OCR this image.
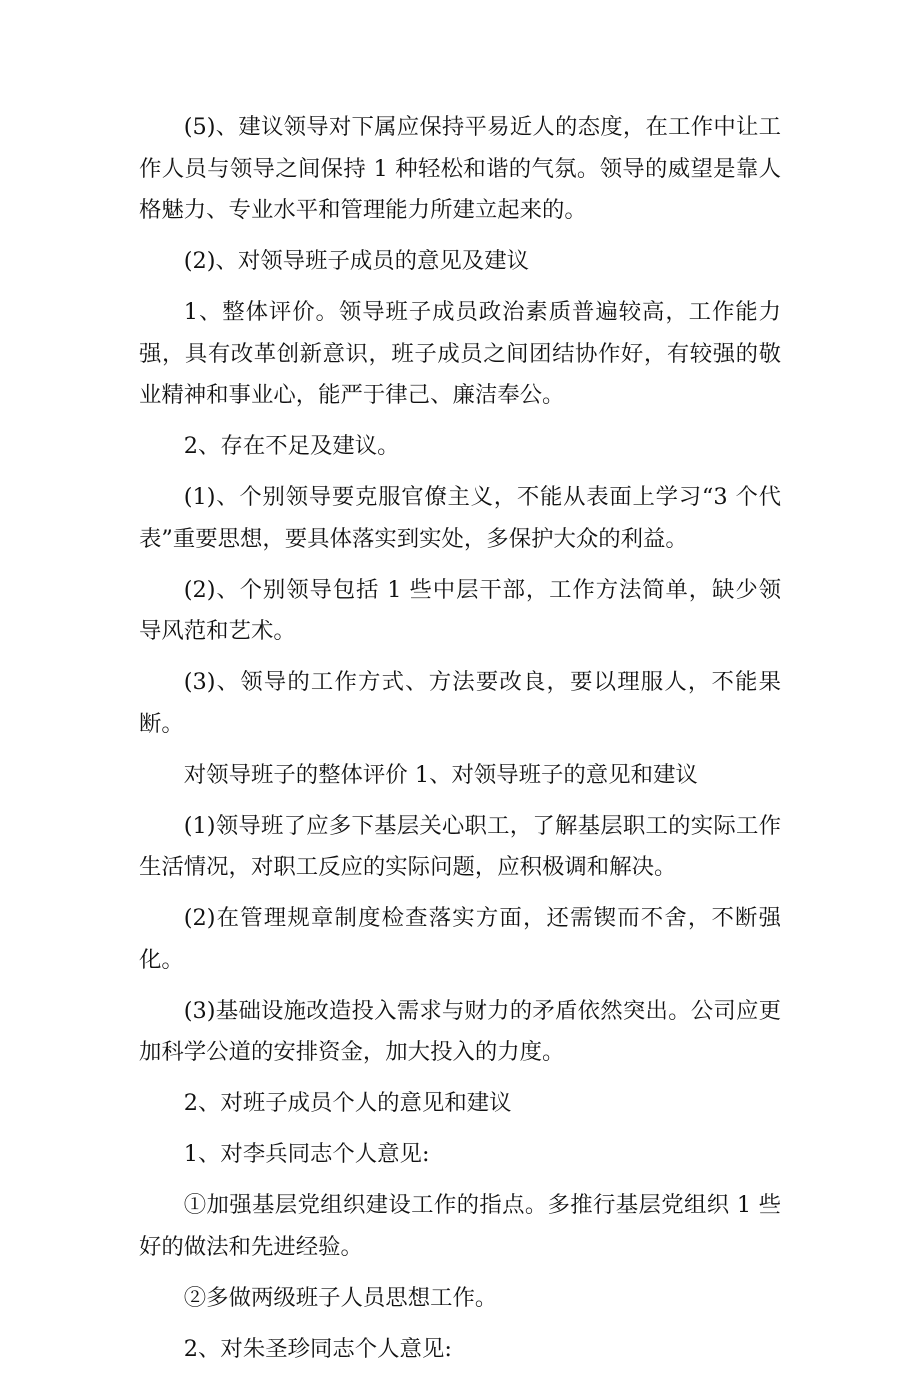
(5)、建议领导对下属应保持平易近人的态度，在工作中让工作人员与领导之间保持 1 种轻松和谐的气氛。领导的威望是靠人格魅力、专业水平和管理能力所建立起来的。

(2)、对领导班子成员的意见及建议

1、整体评价。领导班子成员政治素质普遍较高，工作能力强，具有改革创新意识，班子成员之间团结协作好，有较强的敬业精神和事业心，能严于律己、廉洁奉公。

2、存在不足及建议。

(1)、个别领导要克服官僚主义，不能从表面上学习“3 个代表”重要思想，要具体落实到实处，多保护大众的利益。

(2)、个别领导包括 1 些中层干部，工作方法简单，缺少领导风范和艺术。

(3)、领导的工作方式、方法要改良，要以理服人，不能果断。

对领导班子的整体评价 1、对领导班子的意见和建议

(1)领导班了应多下基层关心职工，了解基层职工的实际工作生活情况，对职工反应的实际问题，应积极调和解决。

(2)在管理规章制度检查落实方面，还需锲而不舍，不断强化。

(3)基础设施改造投入需求与财力的矛盾依然突出。公司应更加科学公道的安排资金，加大投入的力度。

2、对班子成员个人的意见和建议

1、对李兵同志个人意见:

①加强基层党组织建设工作的指点。多推行基层党组织 1 些好的做法和先进经验。

②多做两级班子人员思想工作。

2、对朱圣珍同志个人意见:
